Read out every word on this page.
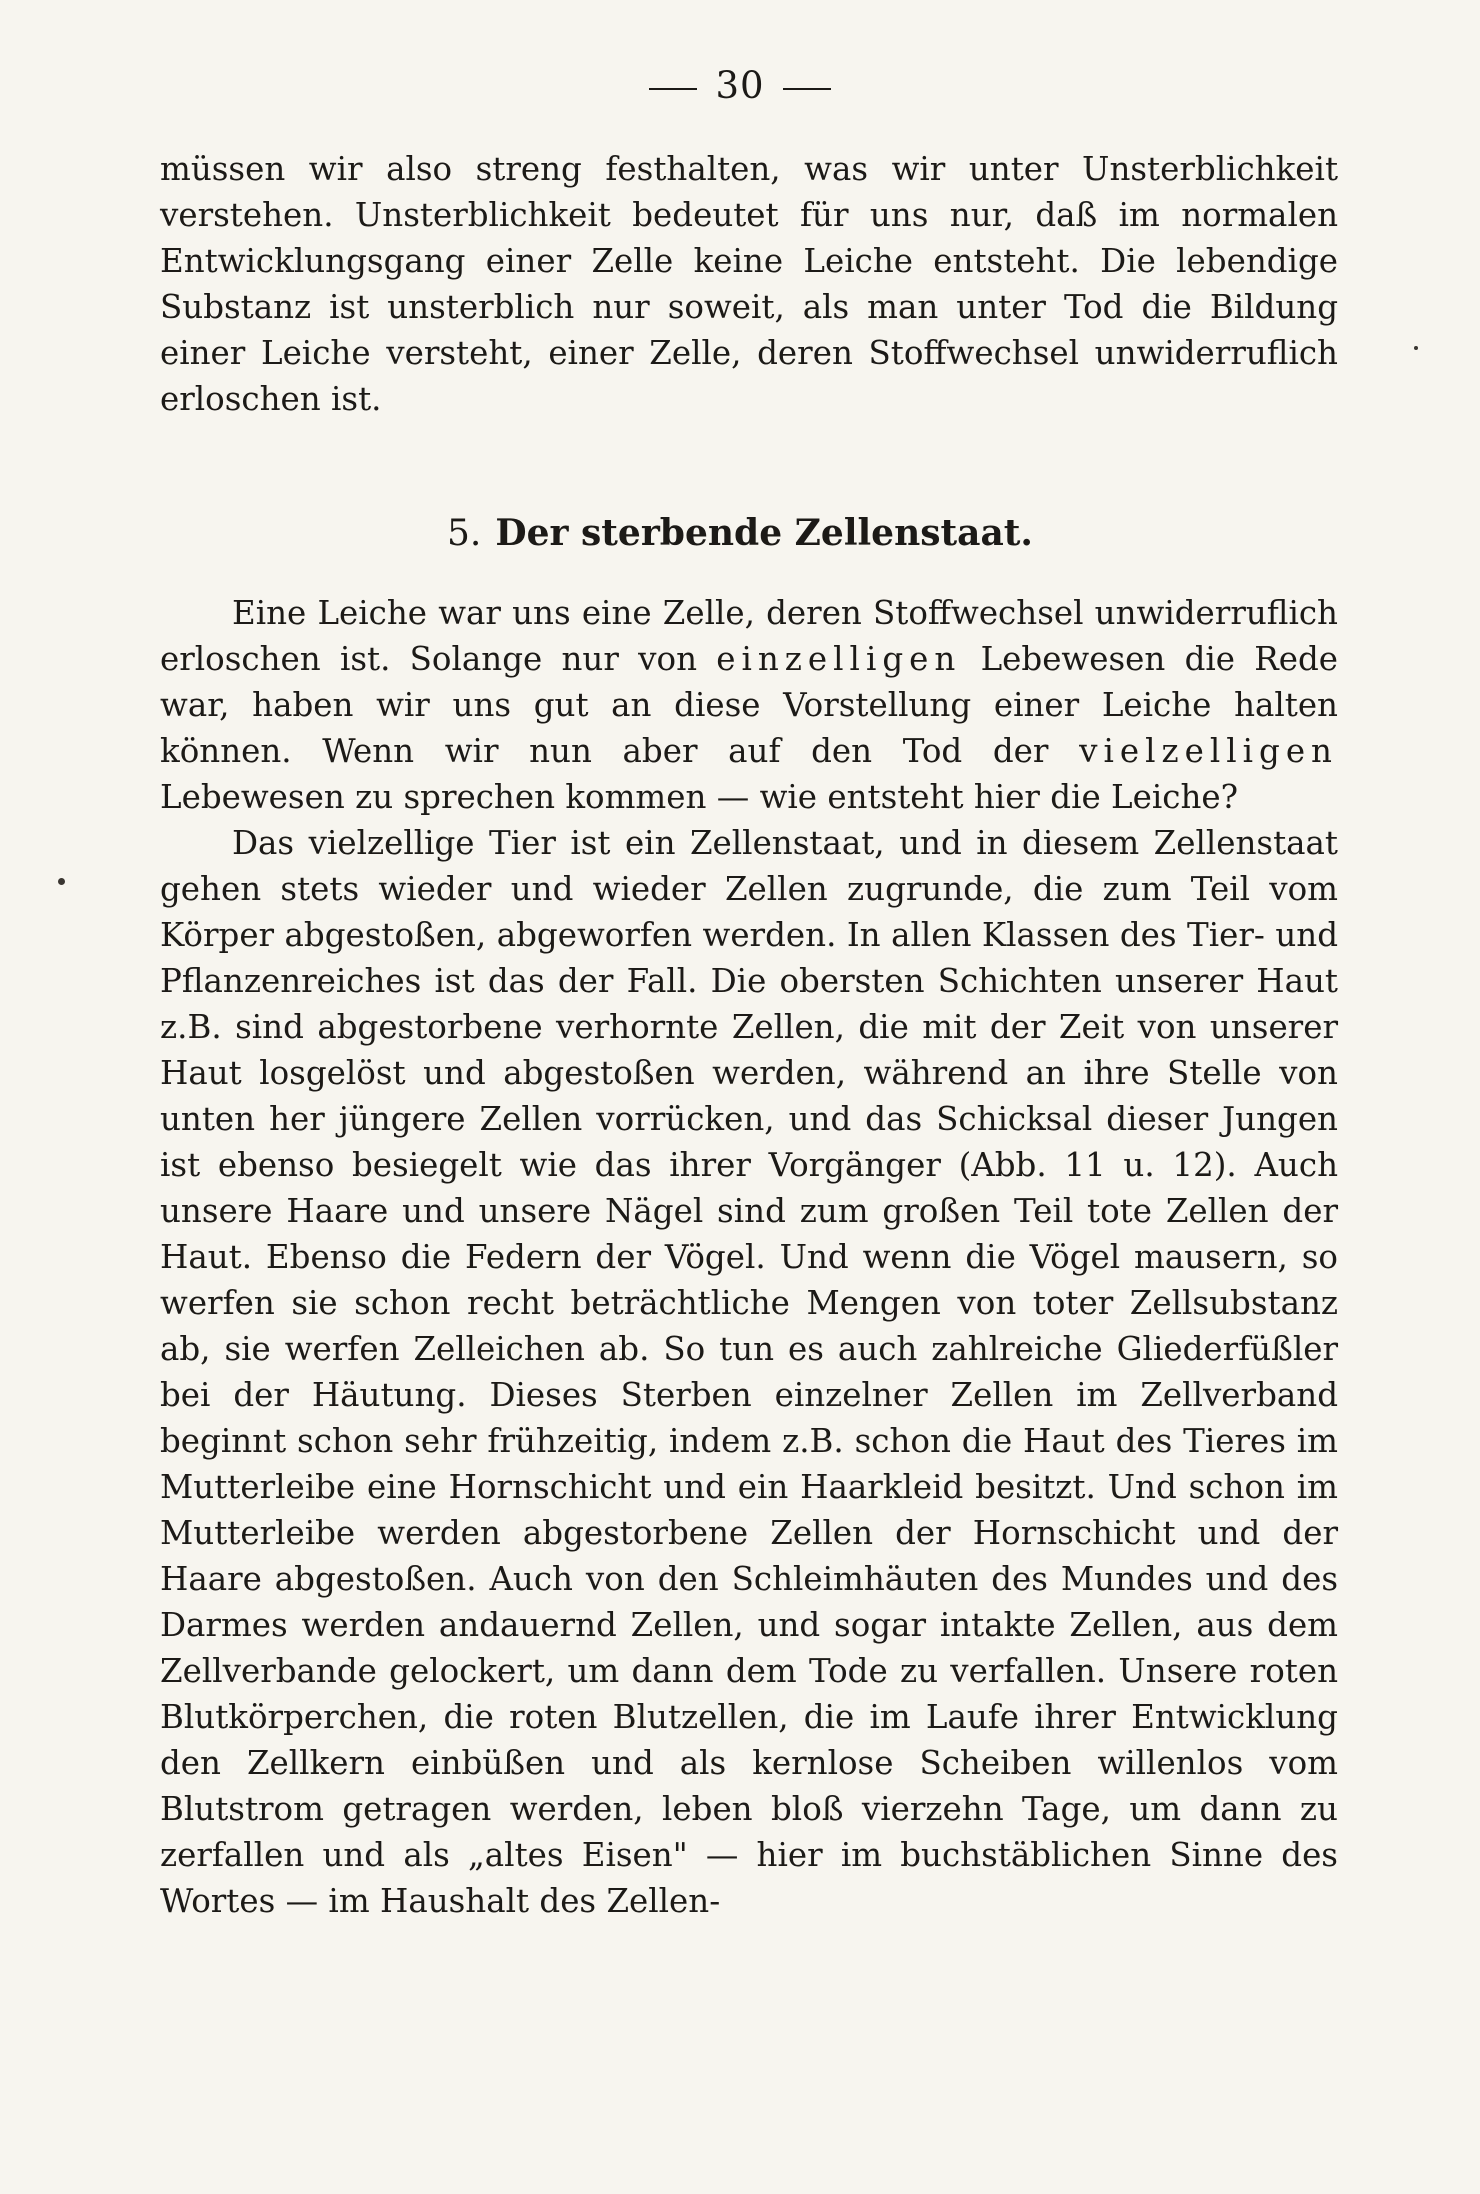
30

müssen wir also streng festhalten, was wir unter Unsterblichkeit verstehen. Unsterblichkeit bedeutet für uns nur, daß im normalen Entwicklungsgang einer Zelle keine Leiche entsteht. Die lebendige Substanz ist unsterblich nur soweit, als man unter Tod die Bildung einer Leiche versteht, einer Zelle, deren Stoffwechsel unwiderruflich erloschen ist.

5. Der sterbende Zellenstaat.

Eine Leiche war uns eine Zelle, deren Stoffwechsel unwiderruflich erloschen ist. Solange nur von einzelligen Lebewesen die Rede war, haben wir uns gut an diese Vorstellung einer Leiche halten können. Wenn wir nun aber auf den Tod der vielzelligen Lebewesen zu sprechen kommen — wie entsteht hier die Leiche?

Das vielzellige Tier ist ein Zellenstaat, und in diesem Zellenstaat gehen stets wieder und wieder Zellen zugrunde, die zum Teil vom Körper abgestoßen, abgeworfen werden. In allen Klassen des Tier- und Pflanzenreiches ist das der Fall. Die obersten Schichten unserer Haut z.B. sind abgestorbene verhornte Zellen, die mit der Zeit von unserer Haut losgelöst und abgestoßen werden, während an ihre Stelle von unten her jüngere Zellen vorrücken, und das Schicksal dieser Jungen ist ebenso besiegelt wie das ihrer Vorgänger (Abb. 11 u. 12). Auch unsere Haare und unsere Nägel sind zum großen Teil tote Zellen der Haut. Ebenso die Federn der Vögel. Und wenn die Vögel mausern, so werfen sie schon recht beträchtliche Mengen von toter Zellsubstanz ab, sie werfen Zelleichen ab. So tun es auch zahlreiche Gliederfüßler bei der Häutung. Dieses Sterben einzelner Zellen im Zellverband beginnt schon sehr frühzeitig, indem z.B. schon die Haut des Tieres im Mutterleibe eine Hornschicht und ein Haarkleid besitzt. Und schon im Mutterleibe werden abgestorbene Zellen der Hornschicht und der Haare abgestoßen. Auch von den Schleimhäuten des Mundes und des Darmes werden andauernd Zellen, und sogar intakte Zellen, aus dem Zellverbande gelockert, um dann dem Tode zu verfallen. Unsere roten Blutkörperchen, die roten Blutzellen, die im Laufe ihrer Entwicklung den Zellkern einbüßen und als kernlose Scheiben willenlos vom Blutstrom getragen werden, leben bloß vierzehn Tage, um dann zu zerfallen und als „altes Eisen" — hier im buchstäblichen Sinne des Wortes — im Haushalt des Zellen-
